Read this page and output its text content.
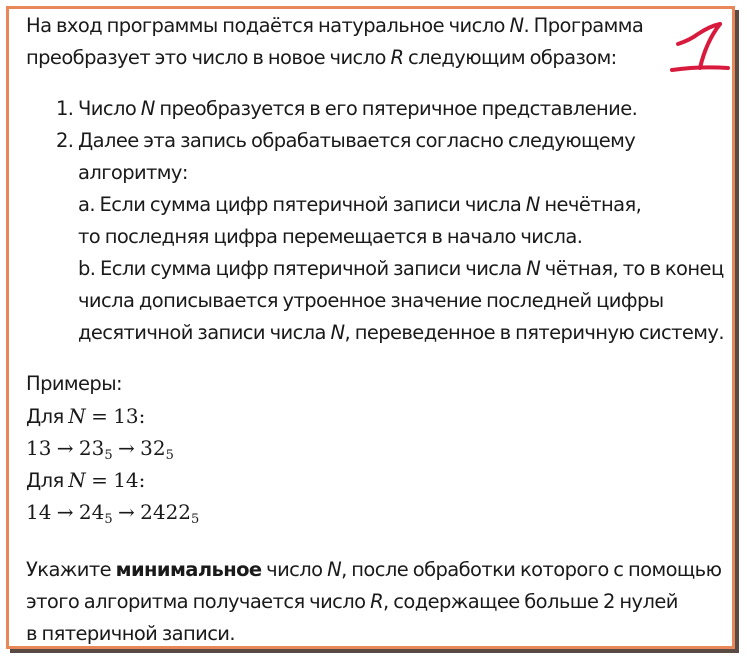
На вход программы подаётся натуральное число N. Программа
преобразует это число в новое число R следующим образом:
1. Число N преобразуется в его пятеричное представление.
2. Далее эта запись обрабатывается согласно следующему
алгоритму:
a. Если сумма цифр пятеричной записи числа N нечётная,
то последняя цифра перемещается в начало числа.
b. Если сумма цифр пятеричной записи числа N чётная, то в конец
числа дописывается утроенное значение последней цифры
десятичной записи числа N, переведенное в пятеричную систему.
Примеры:
Для N = 13:
$13 \to 23_5 \to 32_5$
Для N = 14:
$14 \to 24_5 \to 2422_5$
Укажите минимальное число N, после обработки которого с помощью
этого алгоритма получается число R, содержащее больше 2 нулей
в пятеричной записи.
